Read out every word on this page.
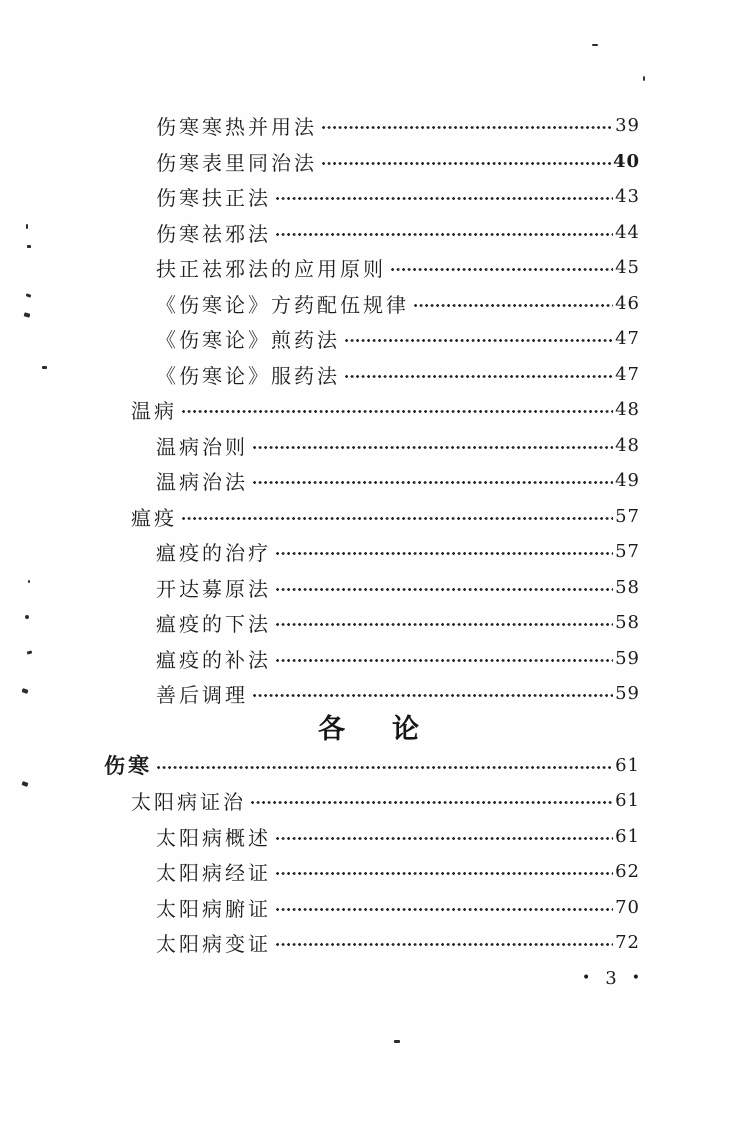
伤寒寒热并用法	39
伤寒表里同治法	40
伤寒扶正法	43
伤寒祛邪法	44
扶正祛邪法的应用原则	45
《伤寒论》方药配伍规律	46
《伤寒论》煎药法	47
《伤寒论》服药法	47
温病	48
温病治则	48
温病治法	49
瘟疫	57
瘟疫的治疗	57
开达募原法	58
瘟疫的下法	58
瘟疫的补法	59
善后调理	59
各 论
伤寒	61
太阳病证治	61
太阳病概述	61
太阳病经证	62
太阳病腑证	70
太阳病变证	72
• 3 •
